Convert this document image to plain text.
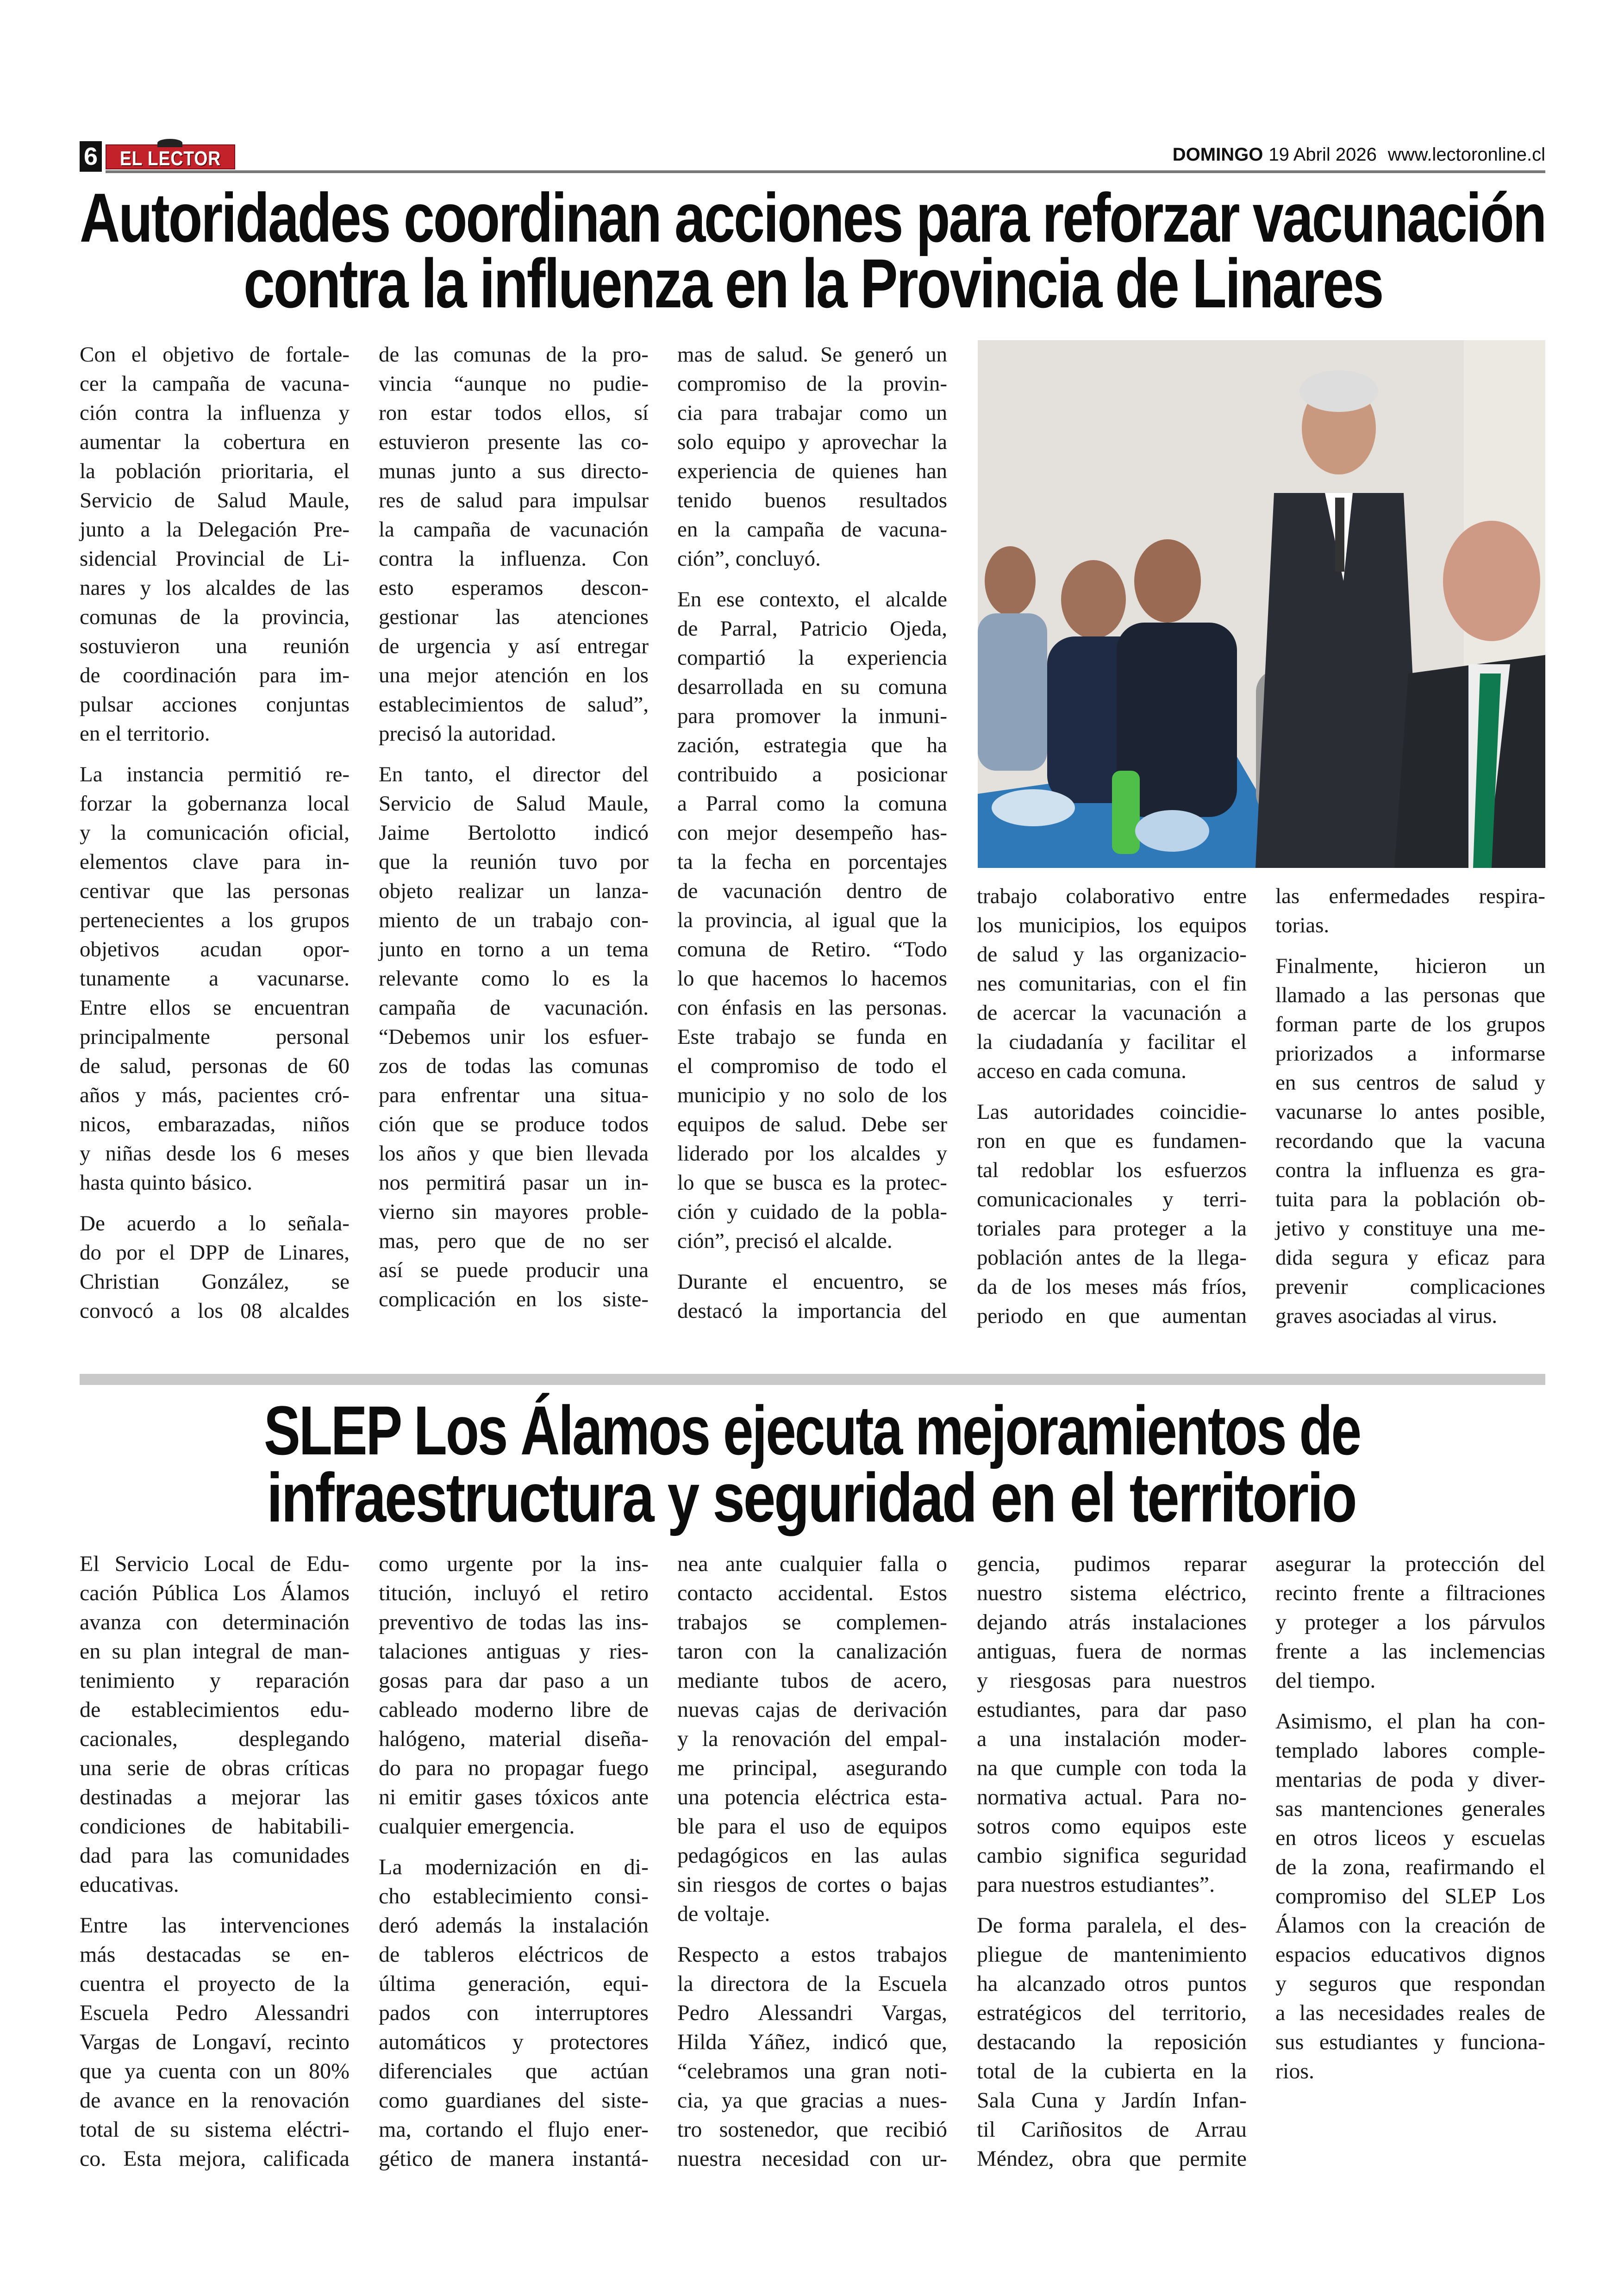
6 EL LECTOR	DOMINGO 19 Abril 2026 www.lectoronline.cl
Autoridades coordinan acciones para reforzar vacunación
contra la influenza en la Provincia de Linares
Con el objetivo de fortale-
cer la campaña de vacuna-
ción contra la influenza y
aumentar la cobertura en
la población prioritaria, el
Servicio de Salud Maule,
junto a la Delegación Pre-
sidencial Provincial de Li-
nares y los alcaldes de las
comunas de la provincia,
sostuvieron una reunión
de coordinación para im-
pulsar acciones conjuntas
en el territorio.
La instancia permitió re-
forzar la gobernanza local
y la comunicación oficial,
elementos clave para in-
centivar que las personas
pertenecientes a los grupos
objetivos acudan opor-
tunamente a vacunarse.
Entre ellos se encuentran
principalmente	personal
de salud, personas de 60
años y más, pacientes cró-
nicos, embarazadas, niños
y niñas desde los 6 meses
hasta quinto básico.
De acuerdo a lo señala-
do por el DPP de Linares,
Christian González, se
convocó a los 08 alcaldes
de las comunas de la pro-
vincia “aunque no pudie-
ron estar todos ellos, sí
estuvieron presente las co-
munas junto a sus directo-
res de salud para impulsar
la campaña de vacunación
contra la influenza. Con
esto esperamos descon-
gestionar las atenciones
de urgencia y así entregar
una mejor atención en los
establecimientos de salud”,
precisó la autoridad.
En tanto, el director del
Servicio de Salud Maule,
Jaime Bertolotto indicó
que la reunión tuvo por
objeto realizar un lanza-
miento de un trabajo con-
junto en torno a un tema
relevante como lo es la
campaña de vacunación.
“Debemos unir los esfuer-
zos de todas las comunas
para enfrentar una situa-
ción que se produce todos
los años y que bien llevada
nos permitirá pasar un in-
vierno sin mayores proble-
mas, pero que de no ser
así se puede producir una
complicación en los siste-
mas de salud. Se generó un
compromiso de la provin-
cia para trabajar como un
solo equipo y aprovechar la
experiencia de quienes han
tenido buenos resultados
en la campaña de vacuna-
ción”, concluyó.
En ese contexto, el alcalde
de Parral, Patricio Ojeda,
compartió la experiencia
desarrollada en su comuna
para promover la inmuni-
zación, estrategia que ha
contribuido a posicionar
a Parral como la comuna
con mejor desempeño has-
ta la fecha en porcentajes
de vacunación dentro de
la provincia, al igual que la
comuna de Retiro. “Todo
lo que hacemos lo hacemos
con énfasis en las personas.
Este trabajo se funda en
el compromiso de todo el
municipio y no solo de los
equipos de salud. Debe ser
liderado por los alcaldes y
lo que se busca es la protec-
ción y cuidado de la pobla-
ción”, precisó el alcalde.
Durante el encuentro, se
destacó la importancia del
trabajo colaborativo entre
los municipios, los equipos
de salud y las organizacio-
nes comunitarias, con el fin
de acercar la vacunación a
la ciudadanía y facilitar el
acceso en cada comuna.
Las autoridades coincidie-
ron en que es fundamen-
tal redoblar los esfuerzos
comunicacionales y terri-
toriales para proteger a la
población antes de la llega-
da de los meses más fríos,
periodo en que aumentan
las enfermedades respira-
torias.
Finalmente, hicieron un
llamado a las personas que
forman parte de los grupos
priorizados a informarse
en sus centros de salud y
vacunarse lo antes posible,
recordando que la vacuna
contra la influenza es gra-
tuita para la población ob-
jetivo y constituye una me-
dida segura y eficaz para
prevenir	complicaciones
graves asociadas al virus.
SLEP Los Álamos ejecuta mejoramientos de
infraestructura y seguridad en el territorio
El Servicio Local de Edu-
cación Pública Los Álamos
avanza con determinación
en su plan integral de man-
tenimiento y reparación
de establecimientos edu-
cacionales,	desplegando
una serie de obras críticas
destinadas a mejorar las
condiciones de habitabili-
dad para las comunidades
educativas.
Entre las intervenciones
más destacadas se en-
cuentra el proyecto de la
Escuela Pedro Alessandri
Vargas de Longaví, recinto
que ya cuenta con un 80%
de avance en la renovación
total de su sistema eléctri-
co. Esta mejora, calificada
como urgente por la ins-
titución, incluyó el retiro
preventivo de todas las ins-
talaciones antiguas y ries-
gosas para dar paso a un
cableado moderno libre de
halógeno, material diseña-
do para no propagar fuego
ni emitir gases tóxicos ante
cualquier emergencia.
La modernización en di-
cho establecimiento consi-
deró además la instalación
de tableros eléctricos de
última generación, equi-
pados con interruptores
automáticos y protectores
diferenciales que actúan
como guardianes del siste-
ma, cortando el flujo ener-
gético de manera instantá-
nea ante cualquier falla o
contacto accidental. Estos
trabajos se complemen-
taron con la canalización
mediante tubos de acero,
nuevas cajas de derivación
y la renovación del empal-
me principal, asegurando
una potencia eléctrica esta-
ble para el uso de equipos
pedagógicos en las aulas
sin riesgos de cortes o bajas
de voltaje.
Respecto a estos trabajos
la directora de la Escuela
Pedro Alessandri Vargas,
Hilda Yáñez, indicó que,
“celebramos una gran noti-
cia, ya que gracias a nues-
tro sostenedor, que recibió
nuestra necesidad con ur-
gencia, pudimos reparar
nuestro sistema eléctrico,
dejando atrás instalaciones
antiguas, fuera de normas
y riesgosas para nuestros
estudiantes, para dar paso
a una instalación moder-
na que cumple con toda la
normativa actual. Para no-
sotros como equipos este
cambio significa seguridad
para nuestros estudiantes”.
De forma paralela, el des-
pliegue de mantenimiento
ha alcanzado otros puntos
estratégicos del territorio,
destacando la reposición
total de la cubierta en la
Sala Cuna y Jardín Infan-
til Cariñositos de Arrau
Méndez, obra que permite
asegurar la protección del
recinto frente a filtraciones
y proteger a los párvulos
frente a las inclemencias
del tiempo.
Asimismo, el plan ha con-
templado labores comple-
mentarias de poda y diver-
sas mantenciones generales
en otros liceos y escuelas
de la zona, reafirmando el
compromiso del SLEP Los
Álamos con la creación de
espacios educativos dignos
y seguros que respondan
a las necesidades reales de
sus estudiantes y funciona-
rios.
